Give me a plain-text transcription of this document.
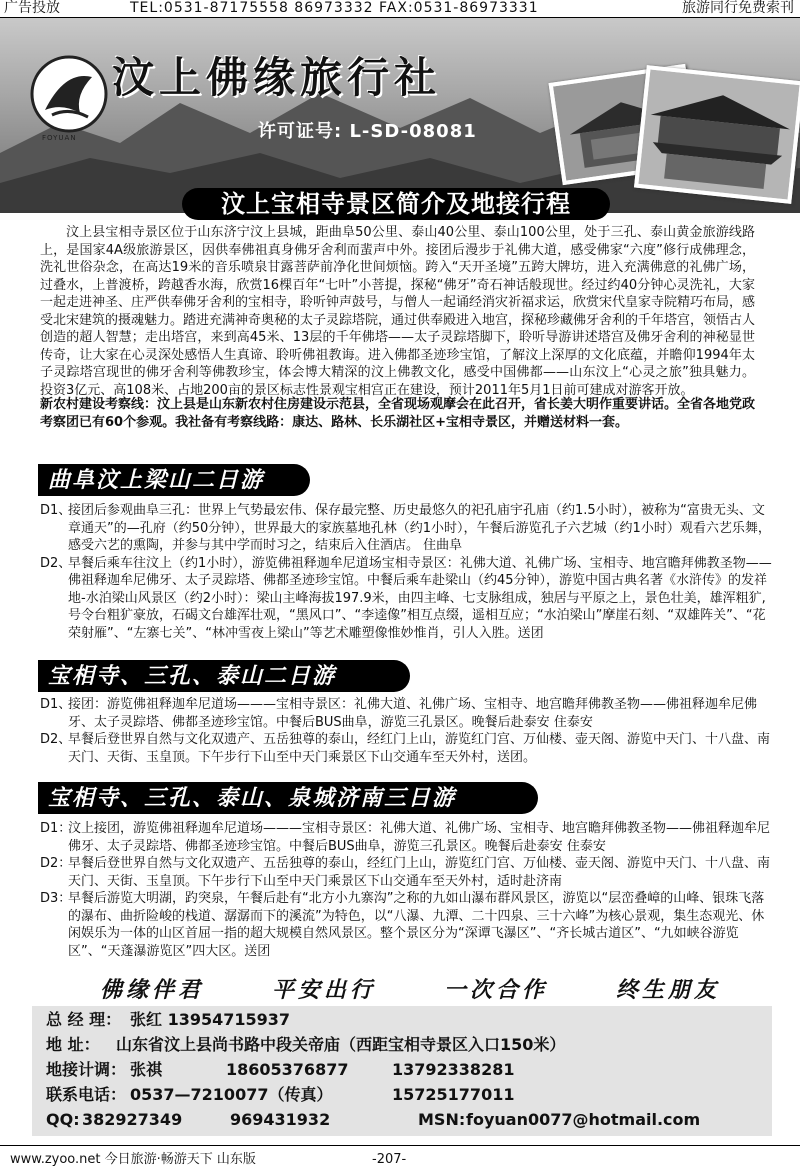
广告投放	TEL:0531-87175558 86973332 FAX:0531-86973331	旅游同行免费索刊
FOYUAN
汶上佛缘旅行社
许可证号: L-SD-08081
汶上宝相寺景区简介及地接行程

汶上县宝相寺景区位于山东济宁汶上县城，距曲阜50公里、泰山40公里、泰山100公里，处于三孔、泰山黄金旅游线路上，是国家4A级旅游景区，因供奉佛祖真身佛牙舍利而蜚声中外。接团后漫步于礼佛大道，感受佛家“六度”修行成佛理念，洗礼世俗杂念，在高达19米的音乐喷泉甘露菩萨前净化世间烦恼。跨入“天开圣境”五跨大牌坊，进入充满佛意的礼佛广场，过叠水，上普渡桥，跨越香水海，欣赏16棵百年“七叶”小菩提，探秘“佛牙”奇石神话般现世。经过约40分钟心灵洗礼，大家一起走进神圣、庄严供奉佛牙舍利的宝相寺，聆听钟声鼓号，与僧人一起诵经消灾祈福求运，欣赏宋代皇家寺院精巧布局，感受北宋建筑的摄魂魅力。踏进充满神奇奥秘的太子灵踪塔院，通过供奉殿进入地宫，探秘珍藏佛牙舍利的千年塔宫，领悟古人创造的超人智慧；走出塔宫，来到高45米、13层的千年佛塔——太子灵踪塔脚下，聆听导游讲述塔宫及佛牙舍利的神秘显世传奇，让大家在心灵深处感悟人生真谛、聆听佛祖教诲。进入佛都圣迹珍宝馆，了解汶上深厚的文化底蕴，并瞻仰1994年太子灵踪塔宫现世的佛牙舍利等佛教珍宝，体会博大精深的汶上佛教文化，感受中国佛都——山东汶上“心灵之旅”独具魅力。投资3亿元、高108米、占地200亩的景区标志性景观宝相宫正在建设，预计2011年5月1日前可建成对游客开放。

新农村建设考察线：汶上县是山东新农村住房建设示范县，全省现场观摩会在此召开，省长姜大明作重要讲话。全省各地党政考察团已有60个参观。我社备有考察线路：康达、路林、长乐湖社区+宝相寺景区，并赠送材料一套。
曲阜汶上梁山二日游
D1、
接团后参观曲阜三孔：世界上气势最宏伟、保存最完整、历史最悠久的祀孔庙宇孔庙（约1.5小时），被称为“富贵无头、文章通天”的—孔府（约50分钟），世界最大的家族墓地孔林（约1小时），午餐后游览孔子六艺城（约1小时）观看六艺乐舞，感受六艺的熏陶，并参与其中学而时习之，结束后入住酒店。 住曲阜
D2、
早餐后乘车往汶上（约1小时），游览佛祖释迦牟尼道场宝相寺景区：礼佛大道、礼佛广场、宝相寺、地宫瞻拜佛教圣物——佛祖释迦牟尼佛牙、太子灵踪塔、佛都圣迹珍宝馆。中餐后乘车赴梁山（约45分钟），游览中国古典名著《水浒传》的发祥地-水泊梁山风景区（约2小时）：梁山主峰海拔197.9米，由四主峰、七支脉组成，独居与平原之上，景色壮美，雄浑粗犷,号令台粗犷豪放，石碣文台雄浑壮观，“黑风口”、“李逵像”相互点缀，遥相互应；“水泊梁山”摩崖石刻、“双雄阵关”、“花荣射雁”、“左寨七关”、“林冲雪夜上梁山”等艺术雕塑像惟妙惟肖，引人入胜。送团
宝相寺、三孔、泰山二日游
D1、
接团：游览佛祖释迦牟尼道场———宝相寺景区：礼佛大道、礼佛广场、宝相寺、地宫瞻拜佛教圣物——佛祖释迦牟尼佛牙、太子灵踪塔、佛都圣迹珍宝馆。中餐后BUS曲阜，游览三孔景区。晚餐后赴泰安 住泰安
D2、
早餐后登世界自然与文化双遗产、五岳独尊的泰山，经红门上山，游览红门宫、万仙楼、壶天阁、游览中天门、十八盘、南天门、天街、玉皇顶。下午步行下山至中天门乘景区下山交通车至天外村，送团。
宝相寺、三孔、泰山、泉城济南三日游
D1：
汶上接团，游览佛祖释迦牟尼道场———宝相寺景区：礼佛大道、礼佛广场、宝相寺、地宫瞻拜佛教圣物——佛祖释迦牟尼佛牙、太子灵踪塔、佛都圣迹珍宝馆。中餐后BUS曲阜，游览三孔景区。晚餐后赴泰安 住泰安
D2：
早餐后登世界自然与文化双遗产、五岳独尊的泰山，经红门上山，游览红门宫、万仙楼、壶天阁、游览中天门、十八盘、南天门、天街、玉皇顶。下午步行下山至中天门乘景区下山交通车至天外村，适时赴济南
D3：
早餐后游览大明湖，趵突泉，午餐后赴有“北方小九寨沟”之称的九如山瀑布群风景区，游览以“层峦叠嶂的山峰、银珠飞落的瀑布、曲折险峻的栈道、潺潺而下的溪流”为特色，以“八瀑、九潭、二十四泉、三十六峰”为核心景观，集生态观光、休闲娱乐为一体的山区首屈一指的超大规模自然风景区。整个景区分为“深谭飞瀑区”、“齐长城古道区”、“九如峡谷游览区”、“天蓬瀑游览区”四大区。送团
佛缘伴君	平安出行	一次合作	终生朋友
总 经 理： 张红 13954715937
地 址： 山东省汶上县尚书路中段关帝庙（西距宝相寺景区入口150米）
地接计调： 张祺	18605376877	13792338281
联系电话： 0537—7210077（传真）	15725177011
QQ: 382927349	969431932	MSN: foyuan0077@hotmail.com
www.zyoo.net 今日旅游·畅游天下 山东版	-207-
